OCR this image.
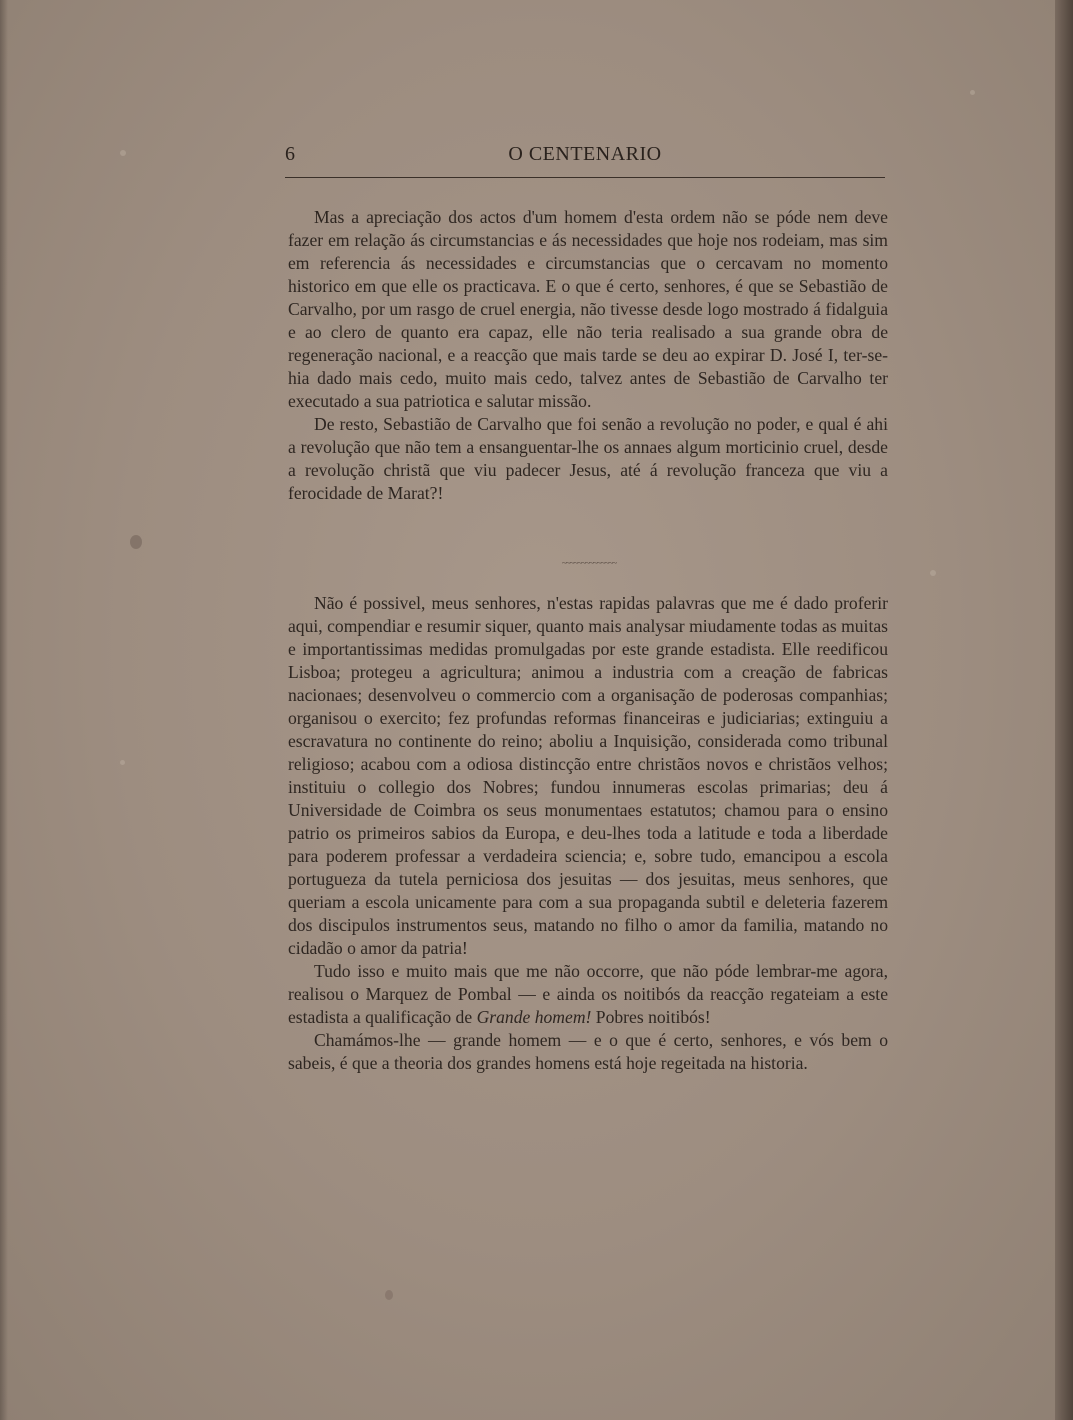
6	O CENTENARIO

Mas a apreciação dos actos d'um homem d'esta ordem não se póde nem deve fazer em relação ás circumstancias e ás necessidades que hoje nos rodeiam, mas sim em referencia ás necessidades e circumstancias que o cercavam no momento historico em que elle os practicava. E o que é certo, senhores, é que se Sebastião de Carvalho, por um rasgo de cruel energia, não tivesse desde logo mostrado á fidalguia e ao clero de quanto era capaz, elle não teria realisado a sua grande obra de regeneração nacional, e a reacção que mais tarde se deu ao expirar D. José I, ter-se-hia dado mais cedo, muito mais cedo, talvez antes de Sebastião de Carvalho ter executado a sua patriotica e salutar missão.

De resto, Sebastião de Carvalho que foi senão a revolução no poder, e qual é ahi a revolução que não tem a ensanguentar-lhe os annaes algum morticinio cruel, desde a revolução christã que viu padecer Jesus, até á revolução franceza que viu a ferocidade de Marat?!

~~~~~~~~~~~~~~

Não é possivel, meus senhores, n'estas rapidas palavras que me é dado proferir aqui, compendiar e resumir siquer, quanto mais analysar miudamente todas as muitas e importantissimas medidas promulgadas por este grande estadista. Elle reedificou Lisboa; protegeu a agricultura; animou a industria com a creação de fabricas nacionaes; desenvolveu o commercio com a organisação de poderosas companhias; organisou o exercito; fez profundas reformas financeiras e judiciarias; extinguiu a escravatura no continente do reino; aboliu a Inquisição, considerada como tribunal religioso; acabou com a odiosa distincção entre christãos novos e christãos velhos; instituiu o collegio dos Nobres; fundou innumeras escolas primarias; deu á Universidade de Coimbra os seus monumentaes estatutos; chamou para o ensino patrio os primeiros sabios da Europa, e deu-lhes toda a latitude e toda a liberdade para poderem professar a verdadeira sciencia; e, sobre tudo, emancipou a escola portugueza da tutela perniciosa dos jesuitas — dos jesuitas, meus senhores, que queriam a escola unicamente para com a sua propaganda subtil e deleteria fazerem dos discipulos instrumentos seus, matando no filho o amor da familia, matando no cidadão o amor da patria!

Tudo isso e muito mais que me não occorre, que não póde lembrar-me agora, realisou o Marquez de Pombal — e ainda os noitibós da reacção regateiam a este estadista a qualificação de Grande homem! Pobres noitibós!

Chamámos-lhe — grande homem — e o que é certo, senhores, e vós bem o sabeis, é que a theoria dos grandes homens está hoje regeitada na historia.
